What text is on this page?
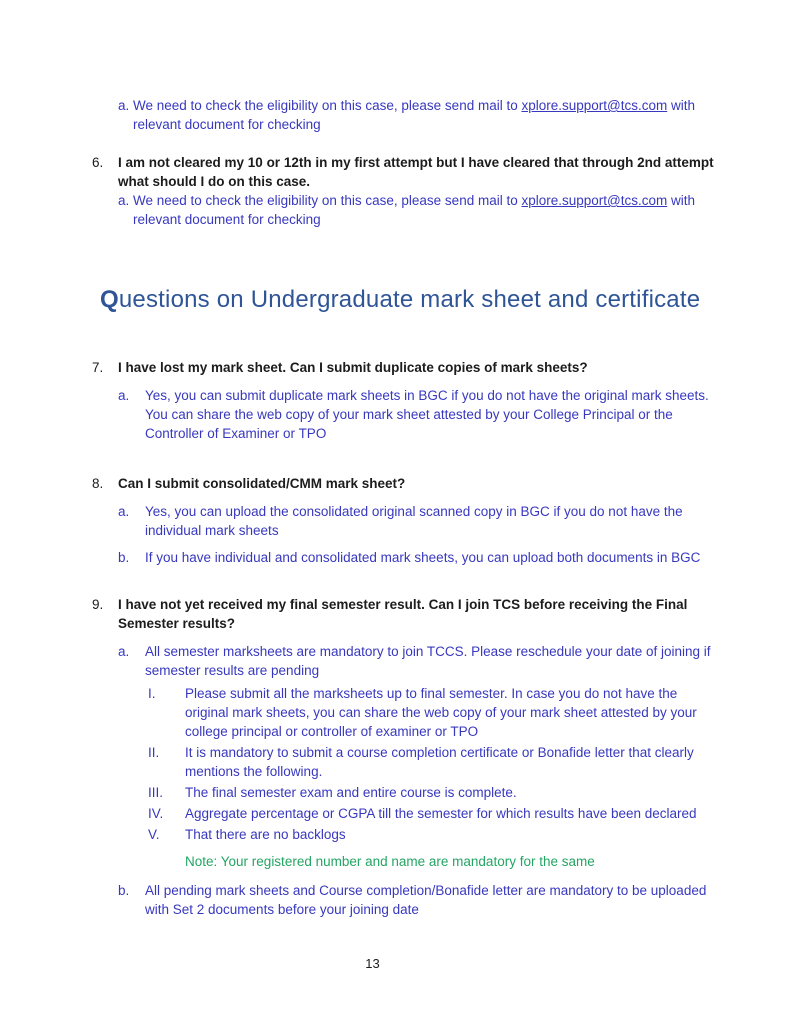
a. We need to check the eligibility on this case, please send mail to xplore.support@tcs.com with relevant document for checking
6.	I am not cleared my 10 or 12th in my first attempt but I have cleared that through 2nd attempt what should I do on this case.
a. We need to check the eligibility on this case, please send mail to xplore.support@tcs.com with relevant document for checking
Questions on Undergraduate mark sheet and certificate
7.	I have lost my mark sheet. Can I submit duplicate copies of mark sheets?
a.	Yes, you can submit duplicate mark sheets in BGC if you do not have the original mark sheets. You can share the web copy of your mark sheet attested by your College Principal or the Controller of Examiner or TPO
8.	Can I submit consolidated/CMM mark sheet?
a.	Yes, you can upload the consolidated original scanned copy in BGC if you do not have the individual mark sheets
b.	If you have individual and consolidated mark sheets, you can upload both documents in BGC
9.	I have not yet received my final semester result. Can I join TCS before receiving the Final Semester results?
a.	All semester marksheets are mandatory to join TCCS. Please reschedule your date of joining if semester results are pending
I.	Please submit all the marksheets up to final semester. In case you do not have the original mark sheets, you can share the web copy of your mark sheet attested by your college principal or controller of examiner or TPO
II.	It is mandatory to submit a course completion certificate or Bonafide letter that clearly mentions the following.
III.	The final semester exam and entire course is complete.
IV.	Aggregate percentage or CGPA till the semester for which results have been declared
V.	That there are no backlogs
Note: Your registered number and name are mandatory for the same
b.	All pending mark sheets and Course completion/Bonafide letter are mandatory to be uploaded with Set 2 documents before your joining date
13
